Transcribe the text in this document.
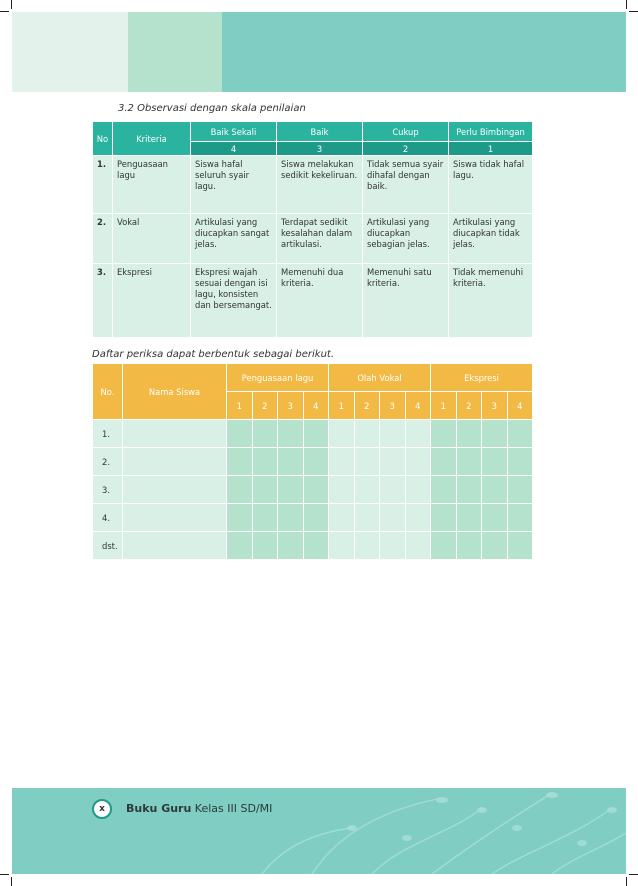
3.2 Observasi dengan skala penilaian
No	Kriteria	Baik Sekali	Baik	Cukup	Perlu Bimbingan
		4	3	2	1
1.	Penguasaan lagu	Siswa hafal seluruh syair lagu.	Siswa melakukan sedikit kekeliruan.	Tidak semua syair dihafal dengan baik.	Siswa tidak hafal lagu.
2.	Vokal	Artikulasi yang diucapkan sangat jelas.	Terdapat sedikit kesalahan dalam artikulasi.	Artikulasi yang diucapkan sebagian jelas.	Artikulasi yang diucapkan tidak jelas.
3.	Ekspresi	Ekspresi wajah sesuai dengan isi lagu, konsisten dan bersemangat.	Memenuhi dua kriteria.	Memenuhi satu kriteria.	Tidak memenuhi kriteria.
Daftar periksa dapat berbentuk sebagai berikut.
No.	Nama Siswa	Penguasaan lagu				Olah Vokal				Ekspresi			
		1	2	3	4	1	2	3	4	1	2	3	4
1.													
2.													
3.													
4.													
dst.													
x	Buku Guru Kelas III SD/MI
